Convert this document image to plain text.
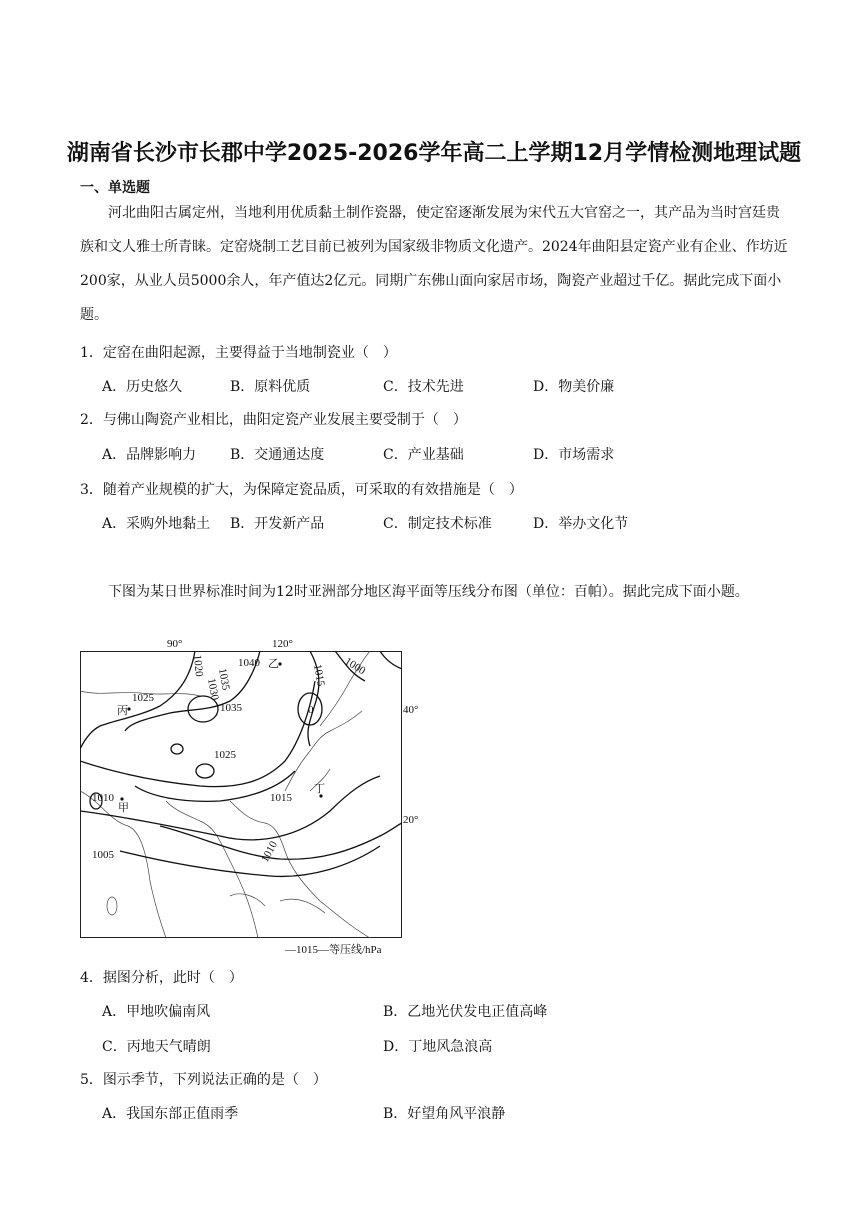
湖南省长沙市长郡中学2025-2026学年高二上学期12月学情检测地理试题
一、单选题
河北曲阳古属定州，当地利用优质黏土制作瓷器，使定窑逐渐发展为宋代五大官窑之一，其产品为当时宫廷贵族和文人雅士所青睐。定窑烧制工艺目前已被列为国家级非物质文化遗产。2024年曲阳县定瓷产业有企业、作坊近200家，从业人员5000余人，年产值达2亿元。同期广东佛山面向家居市场，陶瓷产业超过千亿。据此完成下面小题。
1．定窑在曲阳起源，主要得益于当地制瓷业（　）
A．历史悠久	B．原料优质	C．技术先进	D．物美价廉
2．与佛山陶瓷产业相比，曲阳定瓷产业发展主要受制于（　）
A．品牌影响力 B．交通通达度	C．产业基础	D．市场需求
3．随着产业规模的扩大，为保障定瓷品质，可采取的有效措施是（　）
A．采购外地黏土 B．开发新产品	C．制定技术标准	D．举办文化节
下图为某日世界标准时间为12时亚洲部分地区海平面等压线分布图（单位：百帕）。据此完成下面小题。
1040
1035
1030
1025
1025
1035
1020
1015
1010
1010
1015
1005
1000
0
乙
丙
甲
丁
90°	120°
40°
20°
—1015—等压线/hPa
4．据图分析，此时（　）
A．甲地吹偏南风	B．乙地光伏发电正值高峰
C．丙地天气晴朗	D．丁地风急浪高
5．图示季节，下列说法正确的是（　）
A．我国东部正值雨季	B．好望角风平浪静
